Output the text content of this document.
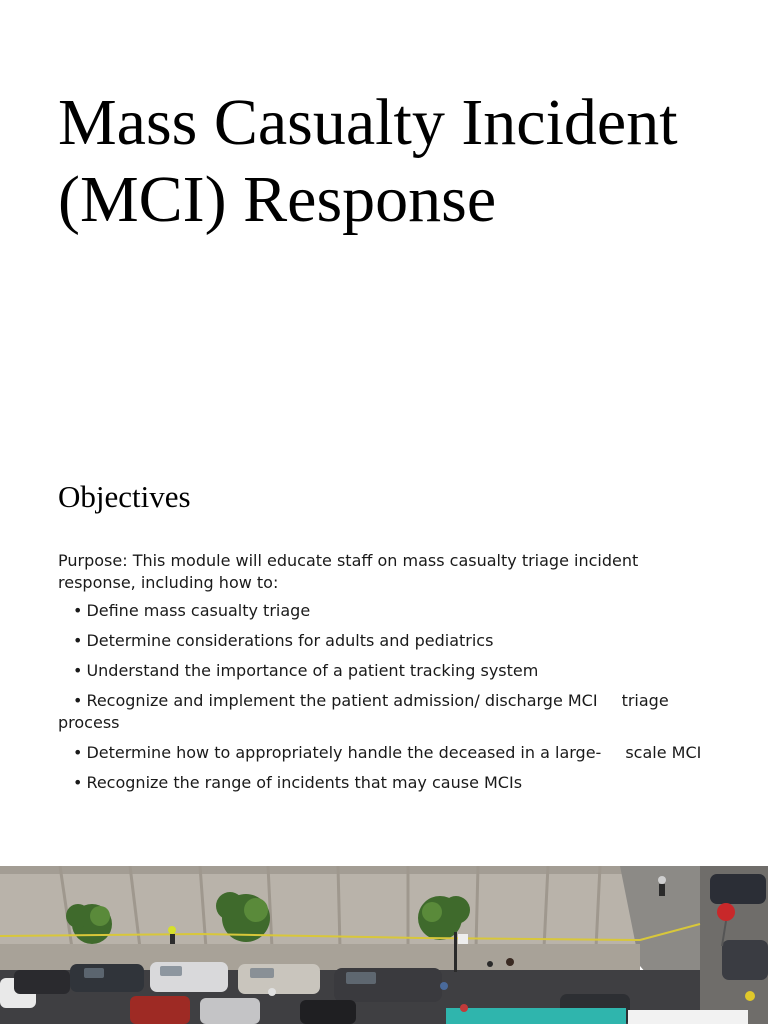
Mass Casualty Incident (MCI) Response
Objectives

Purpose: This module will educate staff on mass casualty triage incident response, including how to:

• Define mass casualty triage
• Determine considerations for adults and pediatrics
• Understand the importance of a patient tracking system
• Recognize and implement the patient admission/ discharge MCI triage process
• Determine how to appropriately handle the deceased in a large- scale MCI
• Recognize the range of incidents that may cause MCIs
